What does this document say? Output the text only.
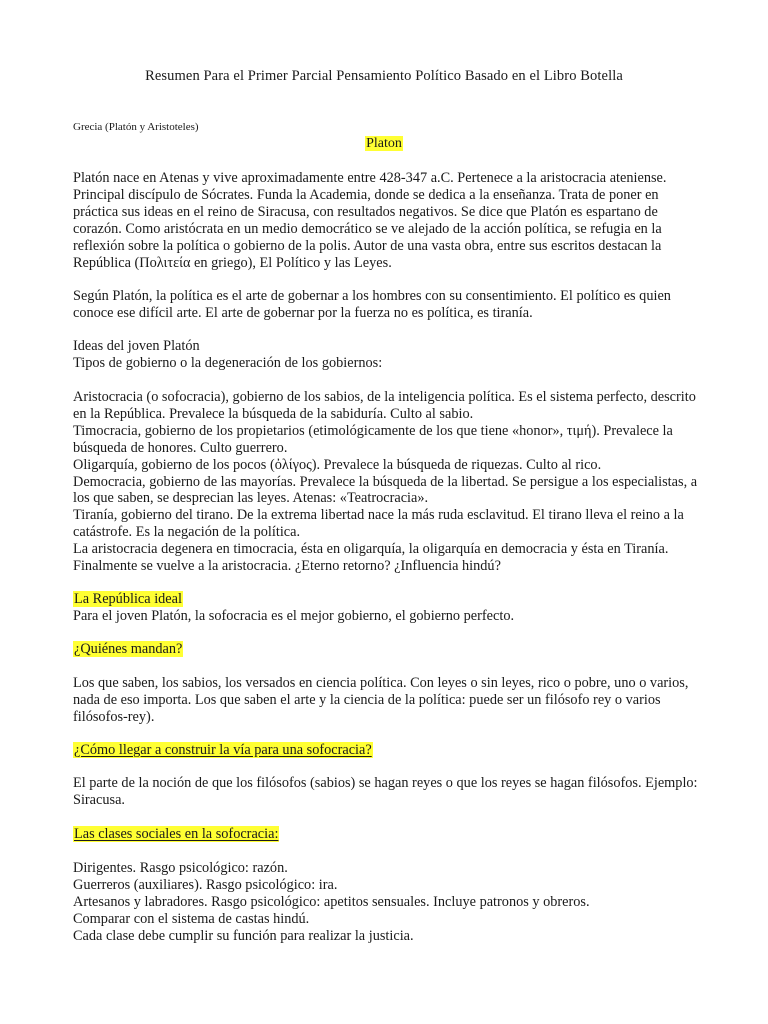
Resumen Para el Primer Parcial Pensamiento Político Basado en el Libro Botella
Grecia (Platón y Aristoteles)
Platon

Platón nace en Atenas y vive aproximadamente entre 428-347 a.C. Pertenece a la aristocracia ateniense. Principal discípulo de Sócrates. Funda la Academia, donde se dedica a la enseñanza. Trata de poner en práctica sus ideas en el reino de Siracusa, con resultados negativos. Se dice que Platón es espartano de corazón. Como aristócrata en un medio democrático se ve alejado de la acción política, se refugia en la reflexión sobre la política o gobierno de la polis. Autor de una vasta obra, entre sus escritos destacan la República (Πολιτεία en griego), El Político y las Leyes.

Según Platón, la política es el arte de gobernar a los hombres con su consentimiento. El político es quien conoce ese difícil arte. El arte de gobernar por la fuerza no es política, es tiranía.

Ideas del joven Platón

Tipos de gobierno o la degeneración de los gobiernos:

Aristocracia (o sofocracia), gobierno de los sabios, de la inteligencia política. Es el sistema perfecto, descrito en la República. Prevalece la búsqueda de la sabiduría. Culto al sabio.

Timocracia, gobierno de los propietarios (etimológicamente de los que tiene «honor», τιμή). Prevalece la búsqueda de honores. Culto guerrero.

Oligarquía, gobierno de los pocos (ὀλίγος). Prevalece la búsqueda de riquezas. Culto al rico.

Democracia, gobierno de las mayorías. Prevalece la búsqueda de la libertad. Se persigue a los especialistas, a los que saben, se desprecian las leyes. Atenas: «Teatrocracia».

Tiranía, gobierno del tirano. De la extrema libertad nace la más ruda esclavitud. El tirano lleva el reino a la catástrofe. Es la negación de la política.

La aristocracia degenera en timocracia, ésta en oligarquía, la oligarquía en democracia y ésta en Tiranía. Finalmente se vuelve a la aristocracia. ¿Eterno retorno? ¿Influencia hindú?

La República ideal

Para el joven Platón, la sofocracia es el mejor gobierno, el gobierno perfecto.

¿Quiénes mandan?

Los que saben, los sabios, los versados en ciencia política. Con leyes o sin leyes, rico o pobre, uno o varios, nada de eso importa. Los que saben el arte y la ciencia de la política: puede ser un filósofo rey o varios filósofos-rey).

¿Cómo llegar a construir la vía para una sofocracia?

El parte de la noción de que los filósofos (sabios) se hagan reyes o que los reyes se hagan filósofos. Ejemplo: Siracusa.

Las clases sociales en la sofocracia:

Dirigentes. Rasgo psicológico: razón.

Guerreros (auxiliares). Rasgo psicológico: ira.

Artesanos y labradores. Rasgo psicológico: apetitos sensuales. Incluye patronos y obreros.

Comparar con el sistema de castas hindú.

Cada clase debe cumplir su función para realizar la justicia.
